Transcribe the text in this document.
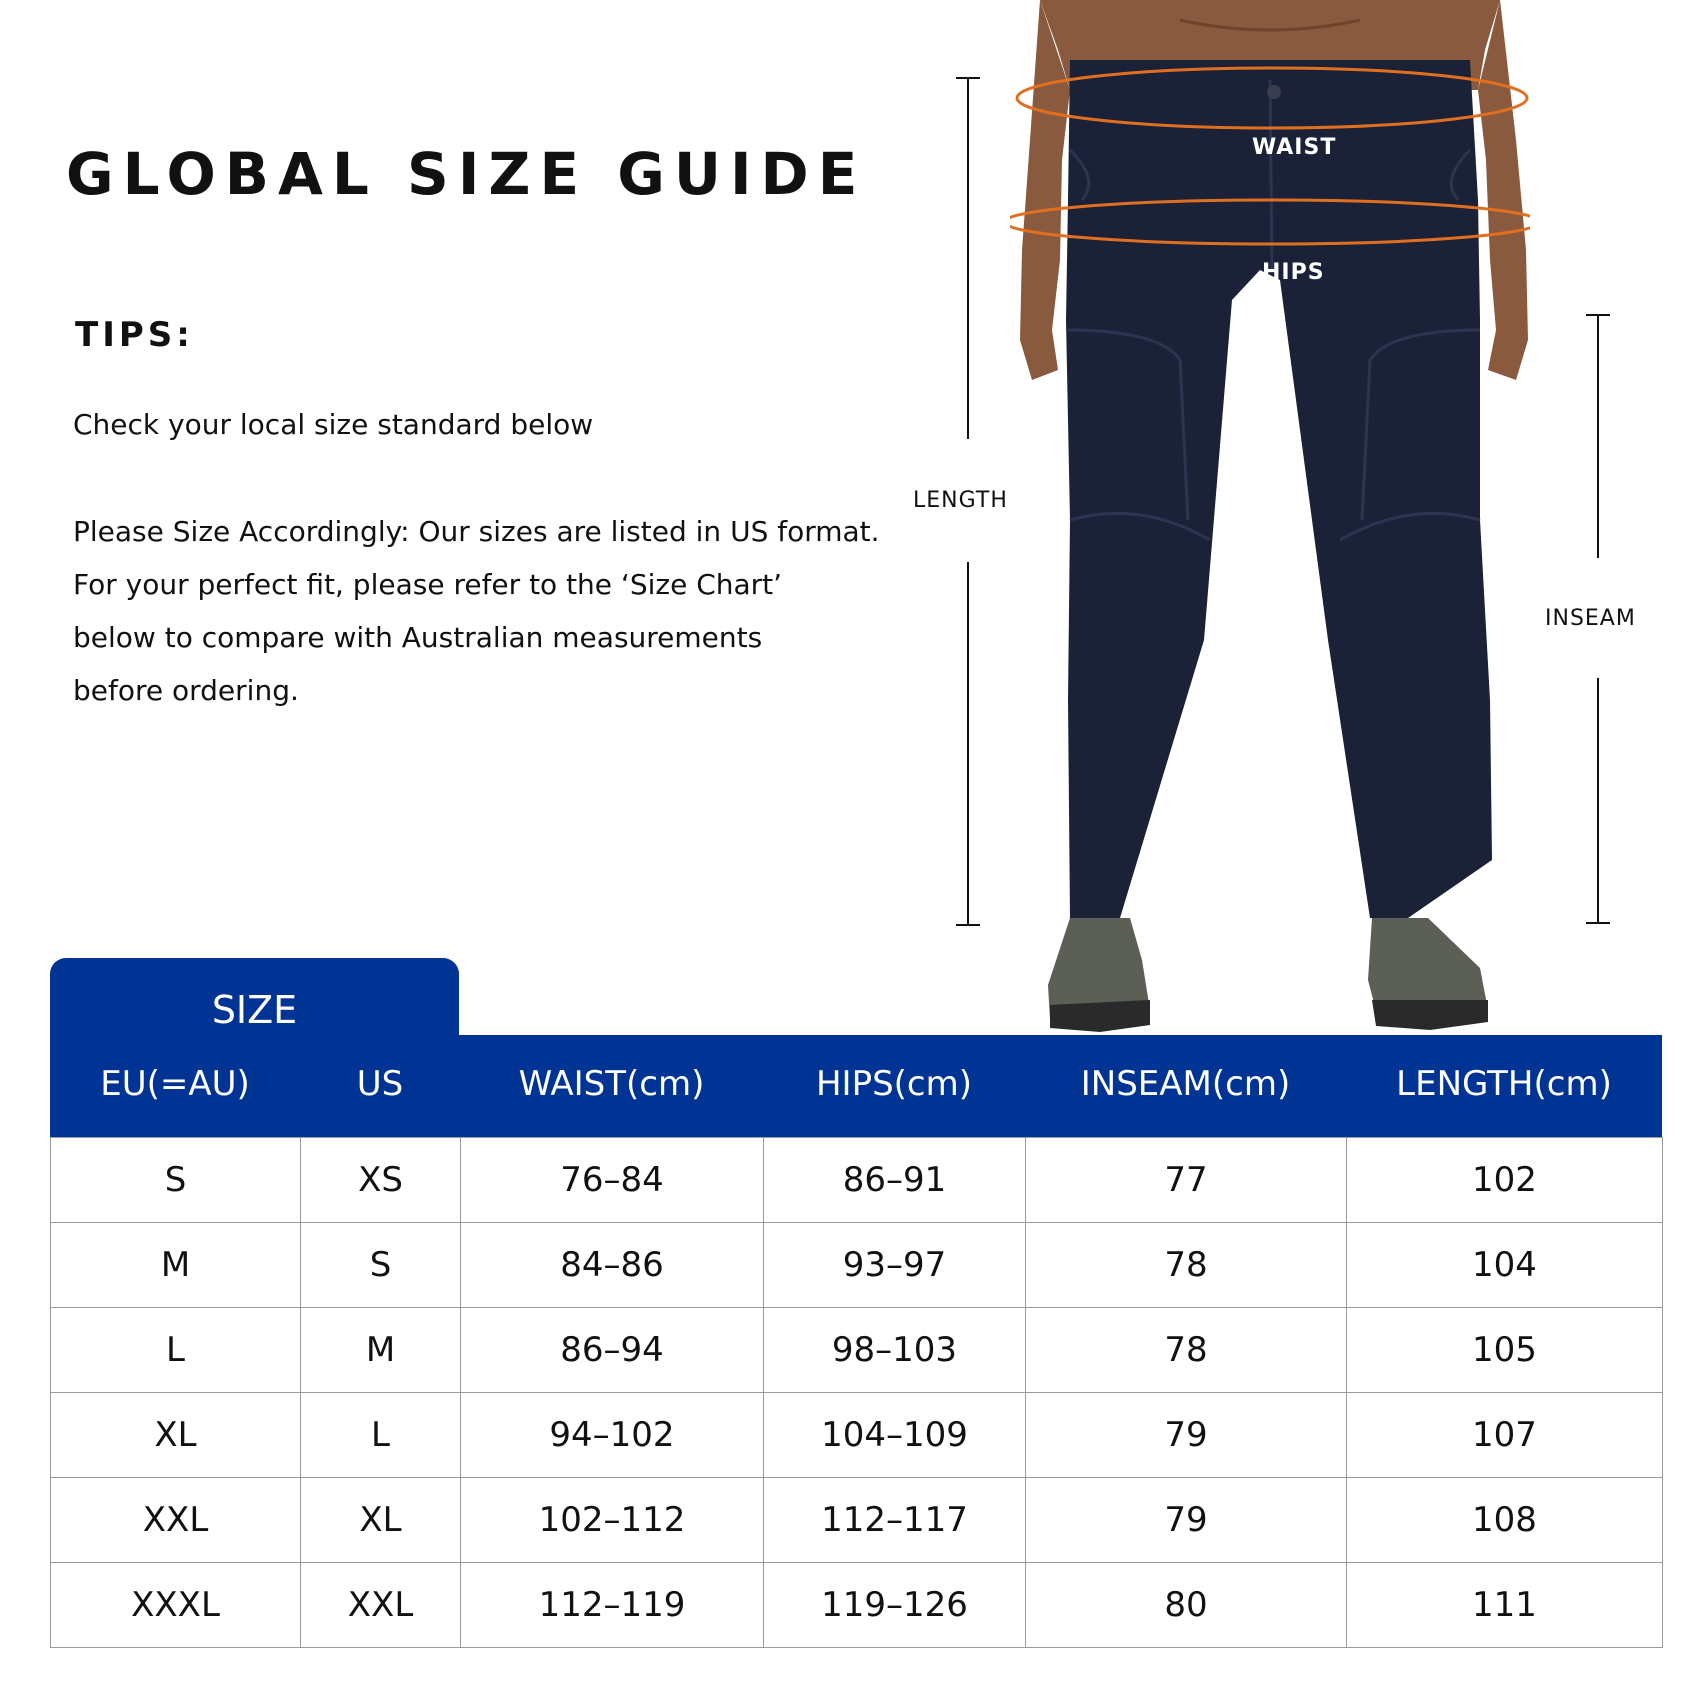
GLOBAL SIZE GUIDE
TIPS:
Check your local size standard below
Please Size Accordingly: Our sizes are listed in US format.
For your perfect fit, please refer to the ‘Size Chart’
below to compare with Australian measurements
before ordering.
LENGTH
INSEAM
WAIST
HIPS
SIZE
EU(=AU)	US	WAIST(cm)	HIPS(cm)	INSEAM(cm)	LENGTH(cm)
S	XS	76–84	86–91	77	102
M	S	84–86	93–97	78	104
L	M	86–94	98–103	78	105
XL	L	94–102	104–109	79	107
XXL	XL	102–112	112–117	79	108
XXXL	XXL	112–119	119–126	80	111
